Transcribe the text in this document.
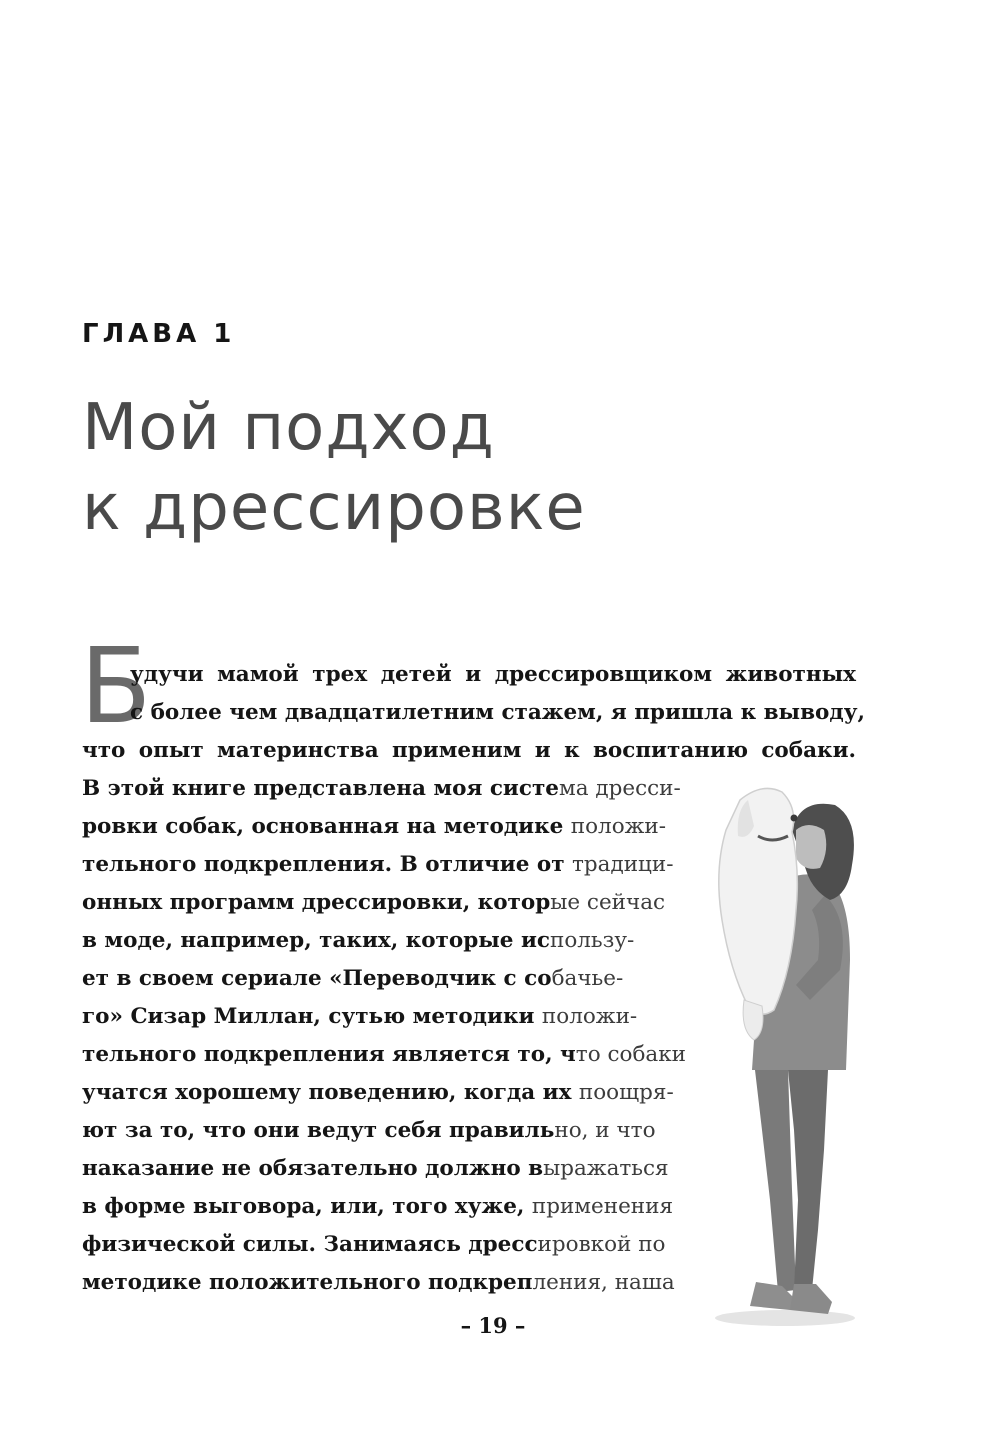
ГЛАВА 1
Мой подход
к дрессировке
Б
удучи мамой трех детей и дрессировщиком животных
с более чем двадцатилетним стажем, я пришла к выводу,
что опыт материнства применим и к воспитанию собаки.
В этой книге представлена моя система дресси-
ровки собак, основанная на методике положи-
тельного подкрепления. В отличие от традици-
онных программ дрессировки, которые сейчас
в моде, например, таких, которые использу-
ет в своем сериале «Переводчик с собачье-
го» Сизар Миллан, сутью методики положи-
тельного подкрепления является то, что собаки
учатся хорошему поведению, когда их поощря-
ют за то, что они ведут себя правильно, и что
наказание не обязательно должно выражаться
в форме выговора, или, того хуже, применения
физической силы. Занимаясь дрессировкой по
методике положительного подкрепления, наша
– 19 –
